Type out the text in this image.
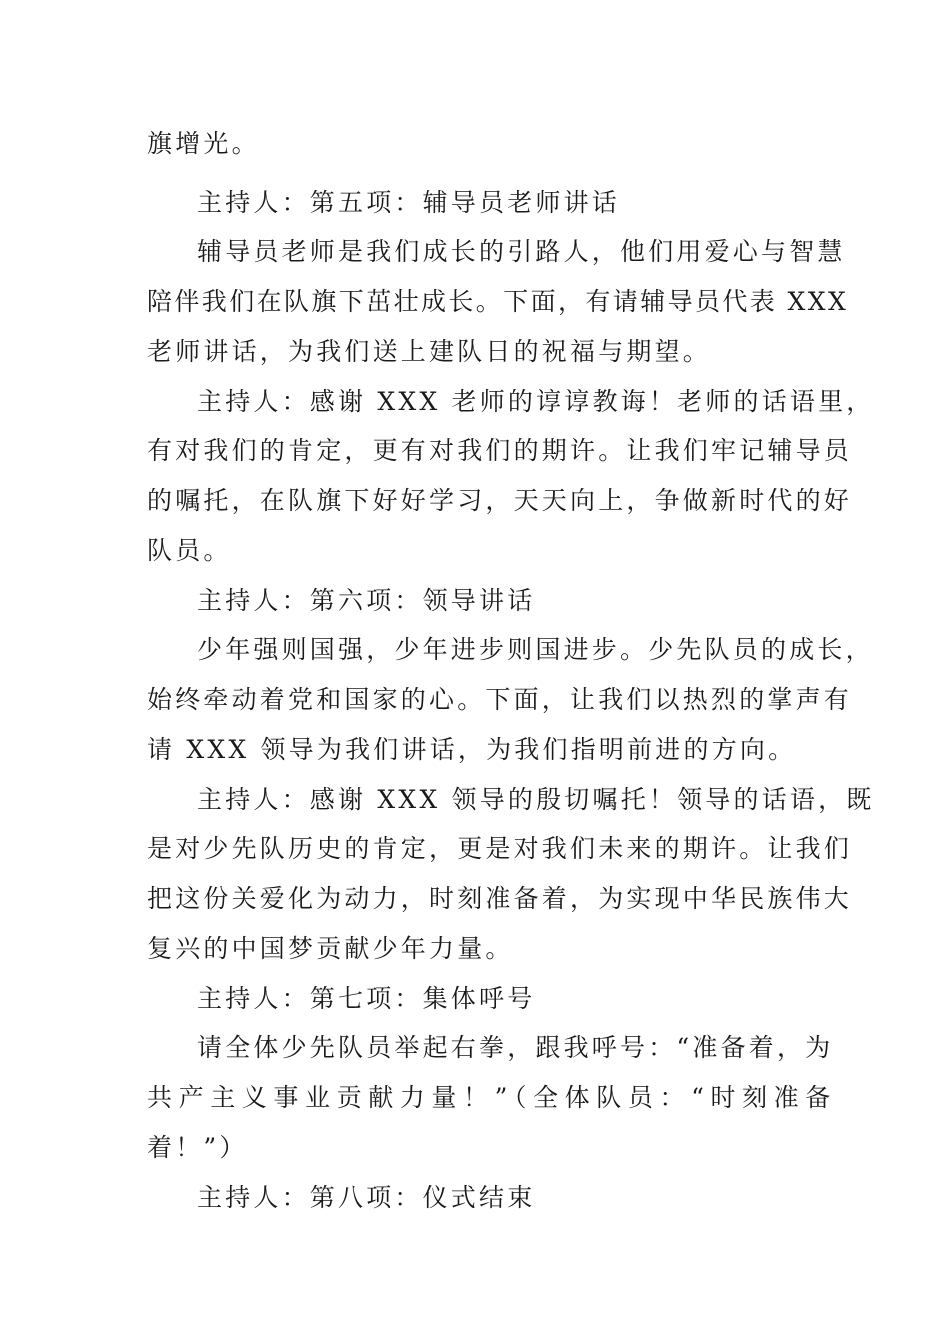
旗增光。
主持人：第五项：辅导员老师讲话
辅导员老师是我们成长的引路人，他们用爱心与智慧
陪伴我们在队旗下茁壮成长。下面，有请辅导员代表 XXX
老师讲话，为我们送上建队日的祝福与期望。
主持人：感谢 XXX 老师的谆谆教诲！老师的话语里，
有对我们的肯定，更有对我们的期许。让我们牢记辅导员
的嘱托，在队旗下好好学习，天天向上，争做新时代的好
队员。
主持人：第六项：领导讲话
少年强则国强，少年进步则国进步。少先队员的成长，
始终牵动着党和国家的心。下面，让我们以热烈的掌声有
请 XXX 领导为我们讲话，为我们指明前进的方向。
主持人：感谢 XXX 领导的殷切嘱托！领导的话语，既
是对少先队历史的肯定，更是对我们未来的期许。让我们
把这份关爱化为动力，时刻准备着，为实现中华民族伟大
复兴的中国梦贡献少年力量。
主持人：第七项：集体呼号
请全体少先队员举起右拳，跟我呼号：“准备着，为
共产主义事业贡献力量！”（全体队员：“时刻准备
着！”）
主持人：第八项：仪式结束
